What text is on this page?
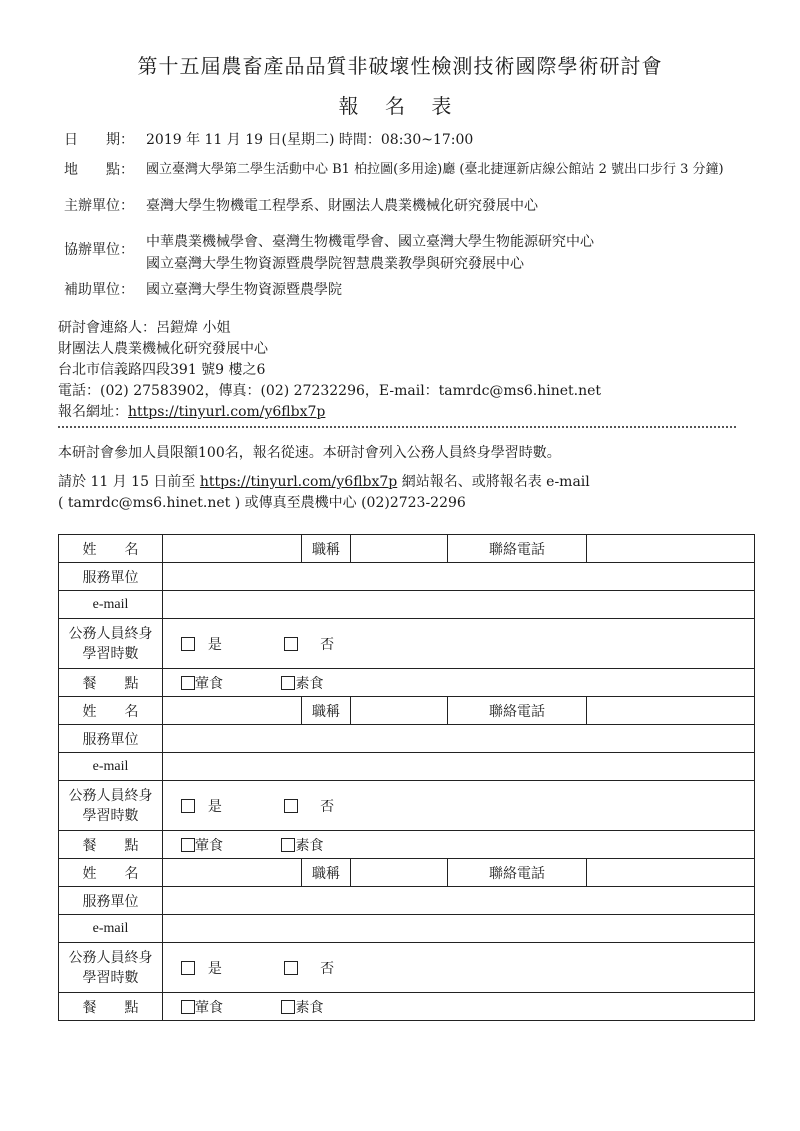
第十五屆農畜產品品質非破壞性檢測技術國際學術研討會
報 名 表
日　　期： 2019 年 11 月 19 日(星期二) 時間：08:30~17:00
地　　點： 國立臺灣大學第二學生活動中心 B1 柏拉圖(多用途)廳 (臺北捷運新店線公館站 2 號出口步行 3 分鐘)
主辦單位： 臺灣大學生物機電工程學系、財團法人農業機械化研究發展中心
協辦單位： 中華農業機械學會、臺灣生物機電學會、國立臺灣大學生物能源研究中心
國立臺灣大學生物資源暨農學院智慧農業教學與研究發展中心
補助單位： 國立臺灣大學生物資源暨農學院
研討會連絡人：呂鎧煒 小姐
財團法人農業機械化研究發展中心
台北市信義路四段391 號9 樓之6
電話：(02) 27583902，傳真：(02) 27232296，E-mail：tamrdc@ms6.hinet.net
報名網址：https://tinyurl.com/y6flbx7p
本研討會參加人員限額100名，報名從速。本研討會列入公務人員終身學習時數。
請於 11 月 15 日前至 https://tinyurl.com/y6flbx7p 網站報名、或將報名表 e-mail
( tamrdc@ms6.hinet.net ) 或傳真至農機中心 (02)2723-2296
姓　　名		職稱		聯絡電話	
服務單位					
e-mail					
公務人員終身
學習時數	是 否				
餐　　點	葷食 素食				
姓　　名		職稱		聯絡電話	
服務單位					
e-mail					
公務人員終身
學習時數	是 否				
餐　　點	葷食 素食				
姓　　名		職稱		聯絡電話	
服務單位					
e-mail					
公務人員終身
學習時數	是 否				
餐　　點	葷食 素食				
